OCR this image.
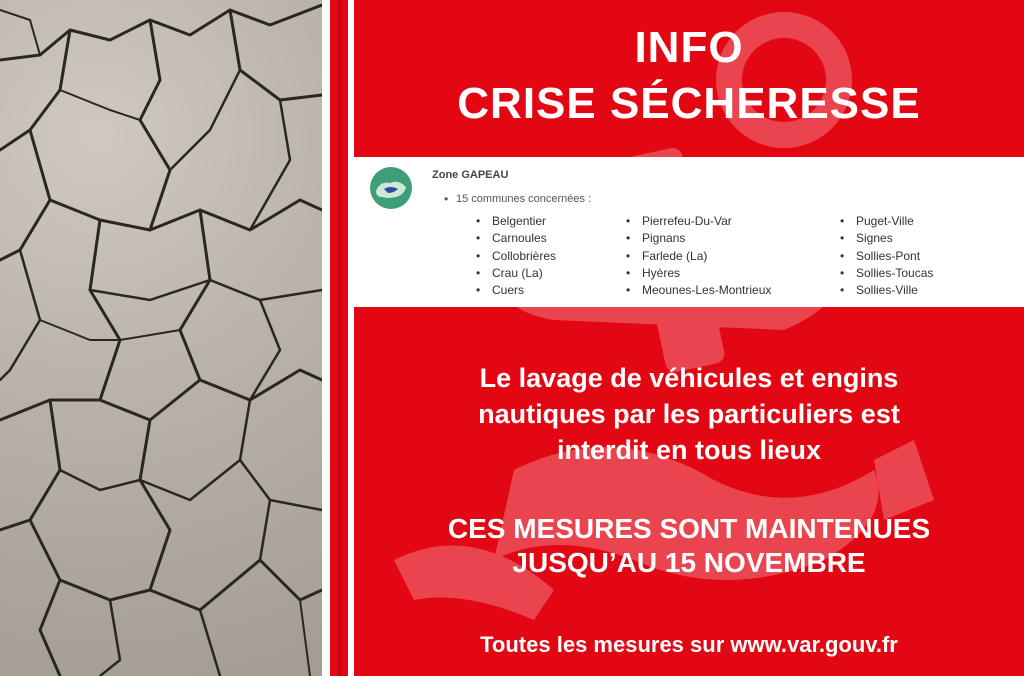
INFO
CRISE SÉCHERESSE
Zone GAPEAU
• 15 communes concernées :
• Belgentier
• Carnoules
• Collobrières
• Crau (La)
• Cuers
• Pierrefeu-Du-Var
• Pignans
• Farlede (La)
• Hyères
• Meounes-Les-Montrieux
• Puget-Ville
• Signes
• Sollies-Pont
• Sollies-Toucas
• Sollies-Ville
Le lavage de véhicules et engins
nautiques par les particuliers est
interdit en tous lieux
CES MESURES SONT MAINTENUES
JUSQU’AU 15 NOVEMBRE
Toutes les mesures sur www.var.gouv.fr
